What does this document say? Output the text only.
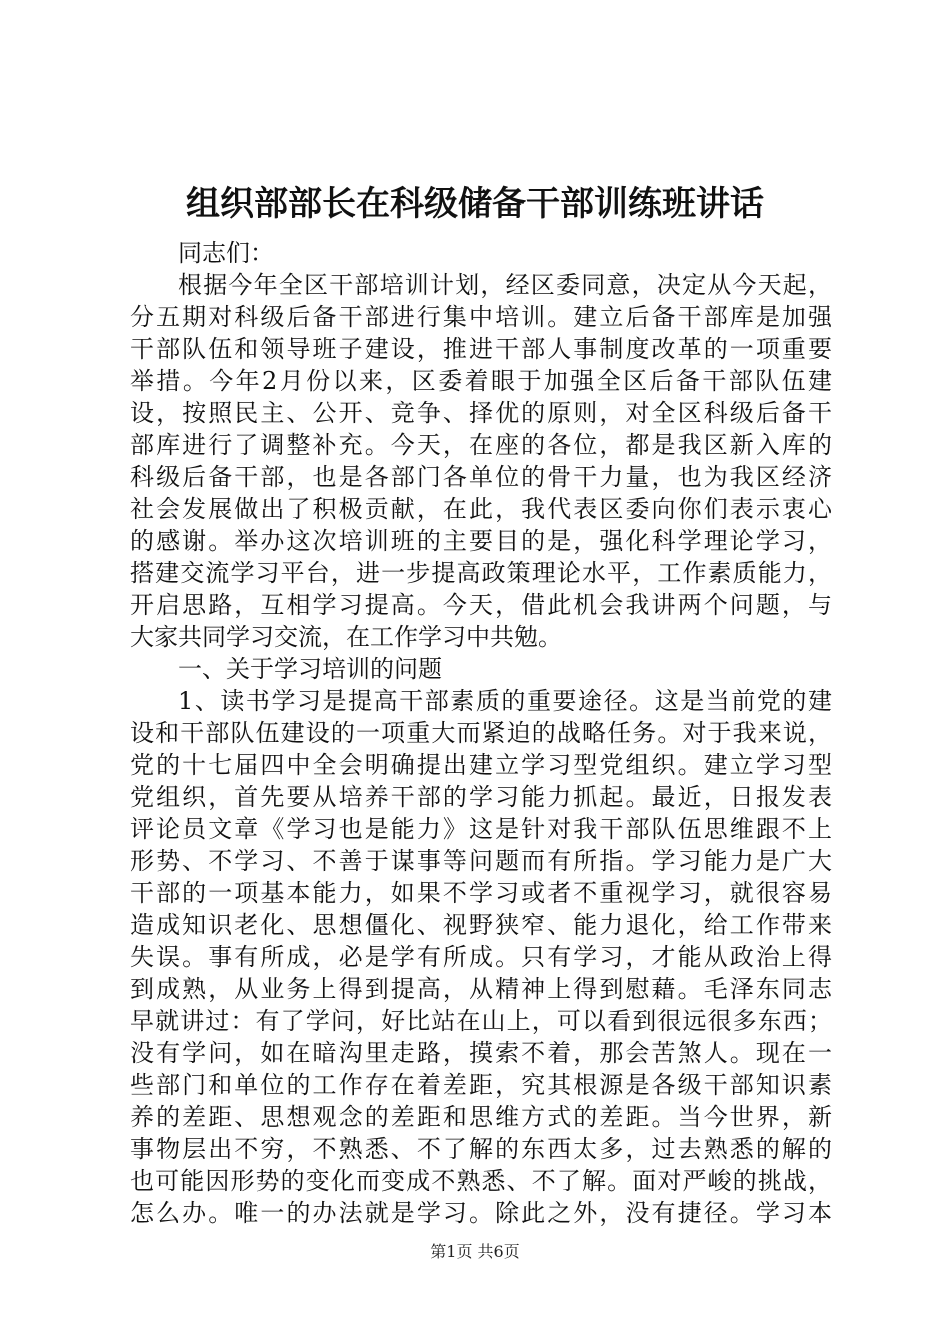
组织部部长在科级储备干部训练班讲话
同志们：
根据今年全区干部培训计划，经区委同意，决定从今天起，
分五期对科级后备干部进行集中培训。建立后备干部库是加强
干部队伍和领导班子建设，推进干部人事制度改革的一项重要
举措。今年2月份以来，区委着眼于加强全区后备干部队伍建
设，按照民主、公开、竞争、择优的原则，对全区科级后备干
部库进行了调整补充。今天，在座的各位，都是我区新入库的
科级后备干部，也是各部门各单位的骨干力量，也为我区经济
社会发展做出了积极贡献，在此，我代表区委向你们表示衷心
的感谢。举办这次培训班的主要目的是，强化科学理论学习，
搭建交流学习平台，进一步提高政策理论水平，工作素质能力，
开启思路，互相学习提高。今天，借此机会我讲两个问题，与
大家共同学习交流，在工作学习中共勉。
一、关于学习培训的问题
1、读书学习是提高干部素质的重要途径。这是当前党的建
设和干部队伍建设的一项重大而紧迫的战略任务。对于我来说，
党的十七届四中全会明确提出建立学习型党组织。建立学习型
党组织，首先要从培养干部的学习能力抓起。最近，日报发表
评论员文章《学习也是能力》这是针对我干部队伍思维跟不上
形势、不学习、不善于谋事等问题而有所指。学习能力是广大
干部的一项基本能力，如果不学习或者不重视学习，就很容易
造成知识老化、思想僵化、视野狭窄、能力退化，给工作带来
失误。事有所成，必是学有所成。只有学习，才能从政治上得
到成熟，从业务上得到提高，从精神上得到慰藉。毛泽东同志
早就讲过：有了学问，好比站在山上，可以看到很远很多东西；
没有学问，如在暗沟里走路，摸索不着，那会苦煞人。现在一
些部门和单位的工作存在着差距，究其根源是各级干部知识素
养的差距、思想观念的差距和思维方式的差距。当今世界，新
事物层出不穷，不熟悉、不了解的东西太多，过去熟悉的解的
也可能因形势的变化而变成不熟悉、不了解。面对严峻的挑战，
怎么办。唯一的办法就是学习。除此之外，没有捷径。学习本
第1页 共6页
